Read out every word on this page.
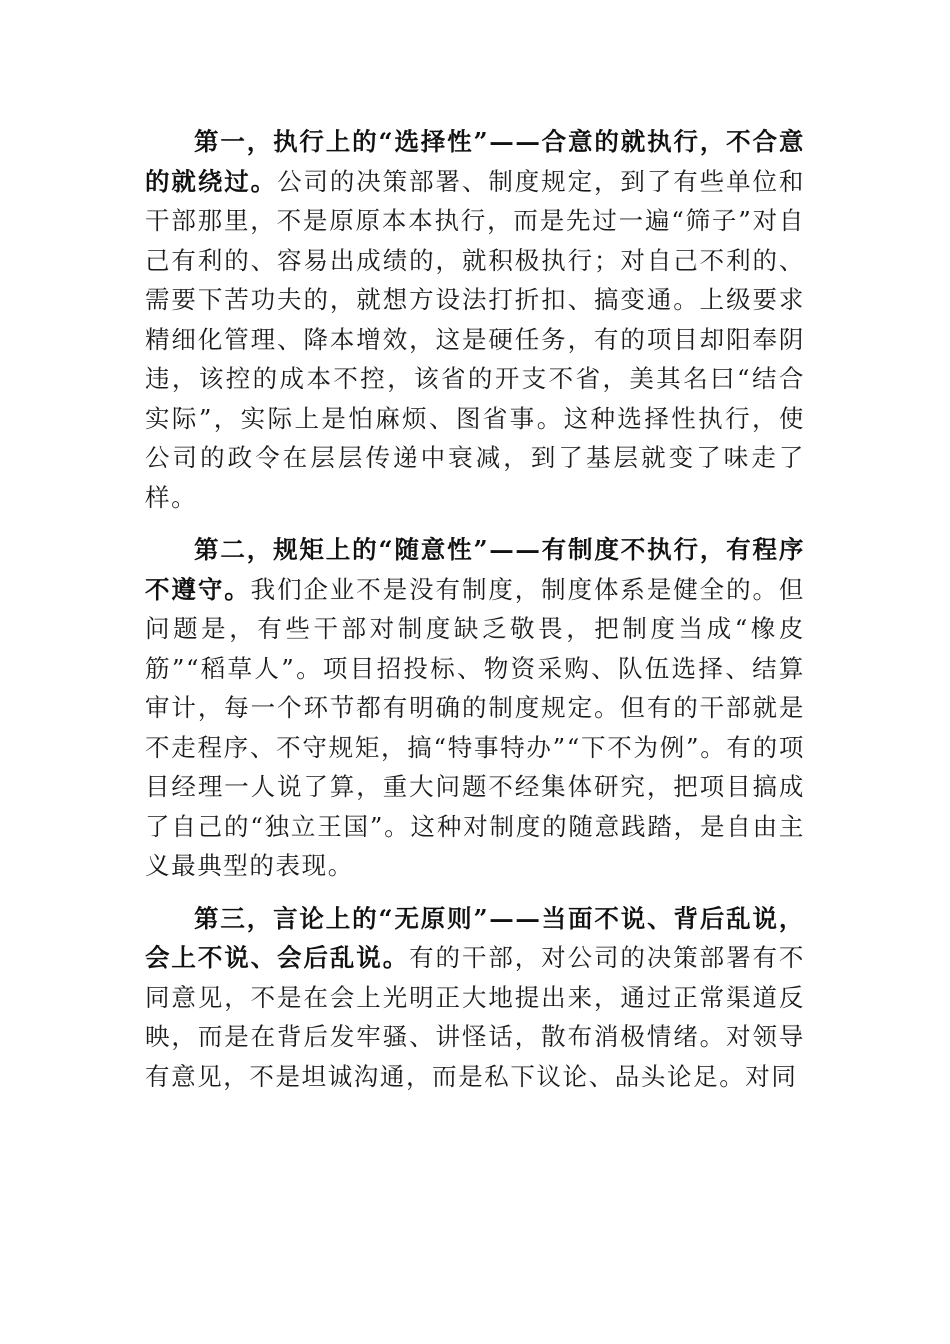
第一，执行上的“选择性”——合意的就执行，不合意的就绕过。公司的决策部署、制度规定，到了有些单位和干部那里，不是原原本本执行，而是先过一遍“筛子”对自己有利的、容易出成绩的，就积极执行；对自己不利的、需要下苦功夫的，就想方设法打折扣、搞变通。上级要求精细化管理、降本增效，这是硬任务，有的项目却阳奉阴违，该控的成本不控，该省的开支不省，美其名曰“结合实际”，实际上是怕麻烦、图省事。这种选择性执行，使公司的政令在层层传递中衰减，到了基层就变了味走了样。

第二，规矩上的“随意性”——有制度不执行，有程序不遵守。我们企业不是没有制度，制度体系是健全的。但问题是，有些干部对制度缺乏敬畏，把制度当成“橡皮筋”“稻草人”。项目招投标、物资采购、队伍选择、结算审计，每一个环节都有明确的制度规定。但有的干部就是不走程序、不守规矩，搞“特事特办”“下不为例”。有的项目经理一人说了算，重大问题不经集体研究，把项目搞成了自己的“独立王国”。这种对制度的随意践踏，是自由主义最典型的表现。

第三，言论上的“无原则”——当面不说、背后乱说，会上不说、会后乱说。有的干部，对公司的决策部署有不同意见，不是在会上光明正大地提出来，通过正常渠道反映，而是在背后发牢骚、讲怪话，散布消极情绪。对领导有意见，不是坦诚沟通，而是私下议论、品头论足。对同
